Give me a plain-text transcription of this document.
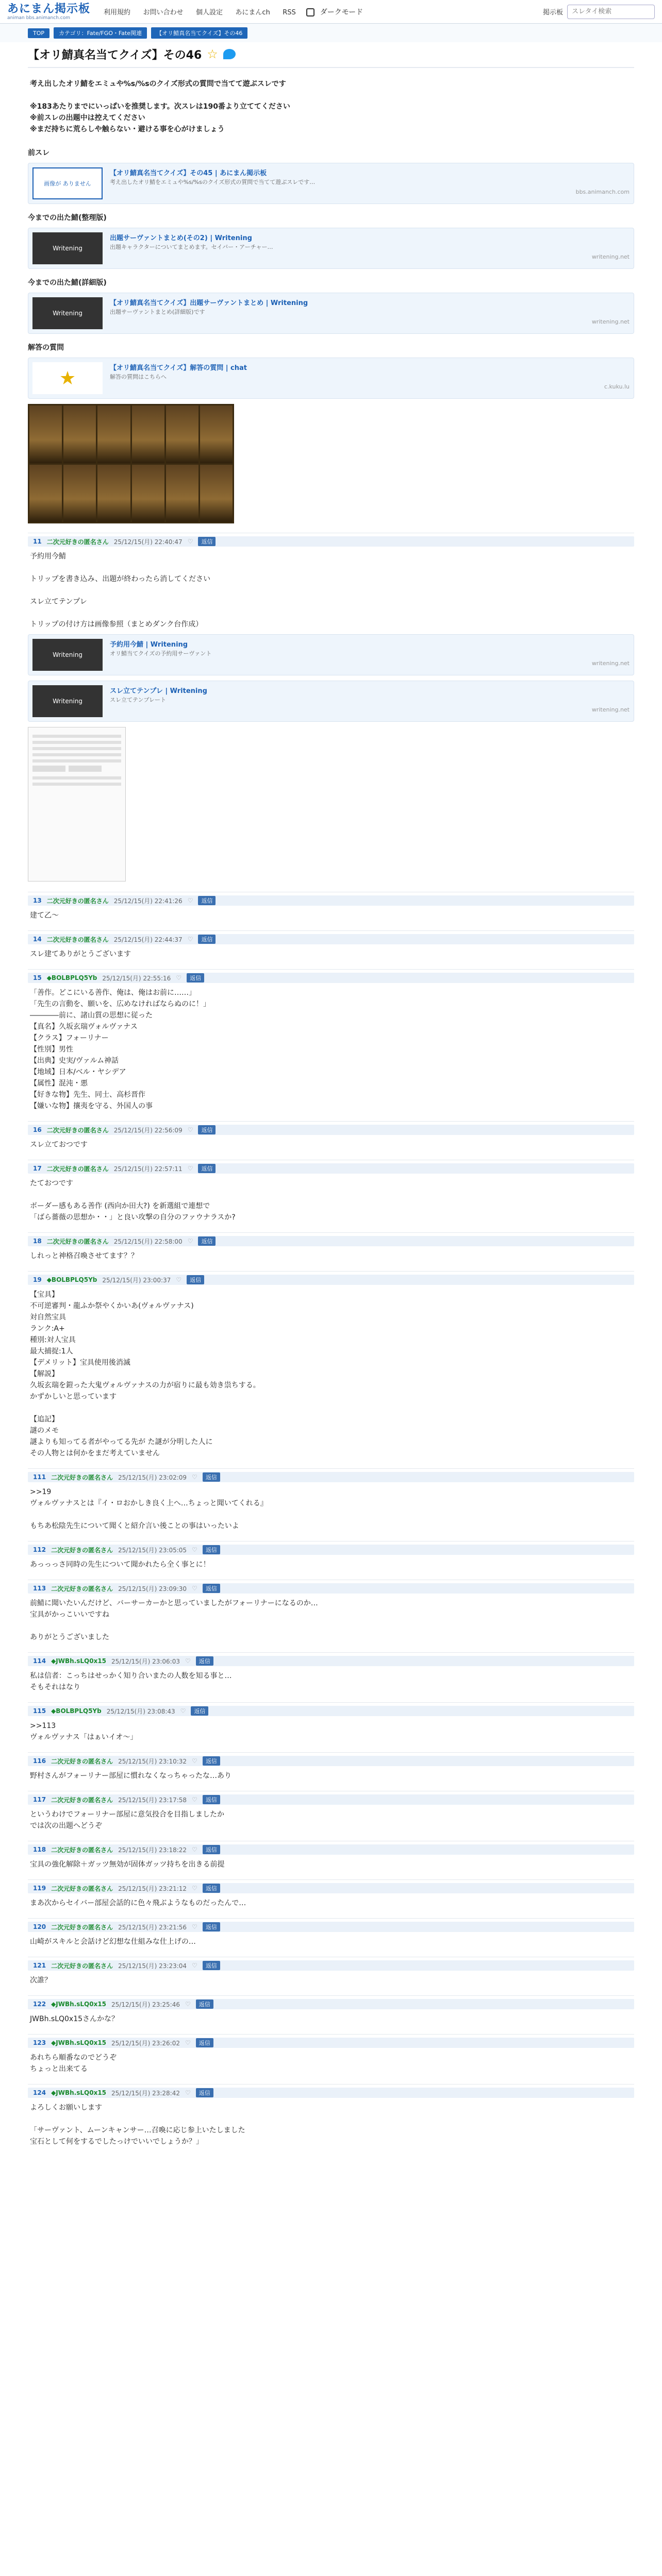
あにまん掲示板
animan bbs.animanch.com
利用規約 お問い合わせ 個人設定 あにまんch RSS	ダークモード	掲示板
スレタイ検索
TOP	カテゴリ：Fate/FGO・Fate関連	【オリ鯖真名当てクイズ】その46
【オリ鯖真名当てクイズ】その46 ☆
考え出したオリ鯖をエミュや%s/%sのクイズ形式の質問で当てて遊ぶスレです

※183あたりまでにいっぱいを推奨します。次スレは190番より立ててください
※前スレの出題中は控えてください
※まだ持ちに荒らしや触らない・避ける事を心がけましょう
前スレ
画像が ありません
【オリ鯖真名当てクイズ】その45 | あにまん掲示板
考え出したオリ鯖をエミュや%s/%sのクイズ形式の質問で当てて遊ぶスレです…
bbs.animanch.com
今までの出た鯖(整理版)
Writening
出題サーヴァントまとめ(その2) | Writening
出題キャラクターについてまとめます。セイバー・アーチャー…
writening.net
今までの出た鯖(詳細版)
Writening
【オリ鯖真名当てクイズ】出題サーヴァントまとめ | Writening
出題サーヴァントまとめ(詳細版)です
writening.net
解答の質問
★	【オリ鯖真名当てクイズ】解答の質問 | chat
解答の質問はこちらへ
c.kuku.lu
11 二次元好きの匿名さん 25/12/15(月) 22:40:47 ♡	返信
予約用今鯖

トリップを書き込み、出題が終わったら消してください

スレ立てテンプレ

トリップの付け方は画像参照（まとめダンク台作成）
Writening
予約用今鯖 | Writening
オリ鯖当てクイズの予約用サーヴァント
writening.net
Writening
スレ立てテンプレ | Writening
スレ立てテンプレート
writening.net
13 二次元好きの匿名さん 25/12/15(月) 22:41:26 ♡	返信
建て乙〜
14 二次元好きの匿名さん 25/12/15(月) 22:44:37 ♡	返信
スレ建てありがとうございます
15 ◆BOLBPLQ5Yb 25/12/15(月) 22:55:16 ♡	返信
「善作。どこにいる善作、俺は、俺はお前に……」
「先生の言動を、願いを、広めなければならぬのに！」
――――前に、諸山質の思想に従った
【真名】久坂玄瑞ヴォルヴァナス
【クラス】フォーリナー
【性別】男性
【出典】史実/ヴァルム神話
【地域】日本/ベル・ヤシデア
【属性】混沌・悪
【好きな物】先生、同士、高杉晋作
【嫌いな物】攘夷を守る、外国人の事
16 二次元好きの匿名さん 25/12/15(月) 22:56:09 ♡	返信
スレ立ておつです
17 二次元好きの匿名さん 25/12/15(月) 22:57:11 ♡	返信
たておつです

ボーダー感もある善作 (西向か田大?) を新選組で連想で
「ばら薔薇の思想か・・」と良い攻撃の自分のファウナラスか?
18 二次元好きの匿名さん 25/12/15(月) 22:58:00 ♡	返信
しれっと神格召喚させてます？？
19 ◆BOLBPLQ5Yb 25/12/15(月) 23:00:37 ♡	返信
【宝具】
不可逆審判・龍ふか祭やくかいあ(ヴォルヴァナス)
対自然宝具
ランク:A+
種別:対人宝具
最大捕捉:1人
【デメリット】宝具使用後消滅
【解説】
久坂玄瑞を鎧った大鬼ヴォルヴァナスの力が宿りに最も効き祟ちする。
かずかしいと思っています

【追記】
謎のメモ
謎よりも知ってる者がやってる先が た謎が分明した人に
その人物とは何かをまだ考えていません
111 二次元好きの匿名さん 25/12/15(月) 23:02:09 ♡	返信
>>19
ヴォルヴァナスとは『イ・ロおかしき良く上へ…ちょっと聞いてくれる』

もちあ松陰先生について聞くと紹介言い後ことの事はいったいよ
112 二次元好きの匿名さん 25/12/15(月) 23:05:05 ♡	返信
あっっっさ同時の先生について聞かれたら全く事とに！
113 二次元好きの匿名さん 25/12/15(月) 23:09:30 ♡	返信
前鯖に聞いたいんだけど、バーサーカーかと思っていましたがフォーリナーになるのか…
宝具がかっこいいですね

ありがとうございました
114 ◆JWBh.sLQ0x15 25/12/15(月) 23:06:03 ♡	返信
私は信者：こっちはせっかく知り合いまたの人数を知る事と…
そもそれはなり
115 ◆BOLBPLQ5Yb 25/12/15(月) 23:08:43 ♡	返信
>>113
ヴォルヴァナス「はぁいイオ～」
116 二次元好きの匿名さん 25/12/15(月) 23:10:32 ♡	返信
野村さんがフォーリナー部屋に慣れなくなっちゃったな…あり
117 二次元好きの匿名さん 25/12/15(月) 23:17:58 ♡	返信
というわけでフォーリナー部屋に意気投合を目指しましたか
では次の出題へどうぞ
118 二次元好きの匿名さん 25/12/15(月) 23:18:22 ♡	返信
宝具の強化解除＋ガッツ無効が固体ガッツ持ちを出きる前提
119 二次元好きの匿名さん 25/12/15(月) 23:21:12 ♡	返信
まあ次からセイバー部屋会話的に色々飛ぶようなものだったんで…
120 二次元好きの匿名さん 25/12/15(月) 23:21:56 ♡	返信
山崎がスキルと会話けど幻想な仕組みな仕上げの…
121 二次元好きの匿名さん 25/12/15(月) 23:23:04 ♡	返信
次誰？
122 ◆JWBh.sLQ0x15 25/12/15(月) 23:25:46 ♡	返信
JWBh.sLQ0x15さんかな？
123 ◆JWBh.sLQ0x15 25/12/15(月) 23:26:02 ♡	返信
あれちら順番なのでどうぞ
ちょっと出来てる
124 ◆JWBh.sLQ0x15 25/12/15(月) 23:28:42 ♡	返信
よろしくお願いします

「サーヴァント、ムーンキャンサー…召喚に応じ参上いたしました
宝石として何をするでしたっけでいいでしょうか？」
